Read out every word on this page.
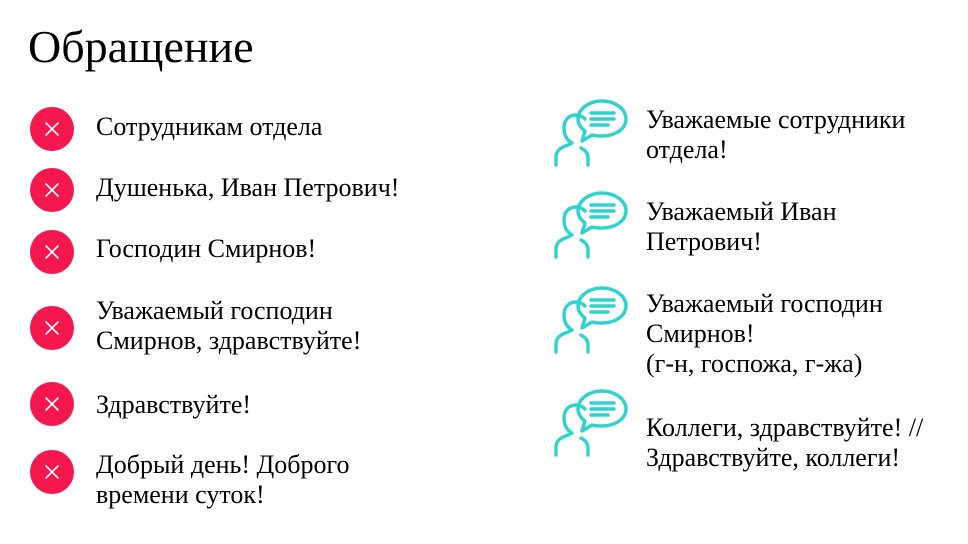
Обращение
Сотрудникам отдела
Душенька, Иван Петрович!
Господин Смирнов!
Уважаемый господин
Смирнов, здравствуйте!
Здравствуйте!
Добрый день! Доброго
времени суток!
Уважаемые сотрудники
отдела!
Уважаемый Иван
Петрович!
Уважаемый господин
Смирнов!
(г-н, госпожа, г-жа)
Коллеги, здравствуйте! //
Здравствуйте, коллеги!
